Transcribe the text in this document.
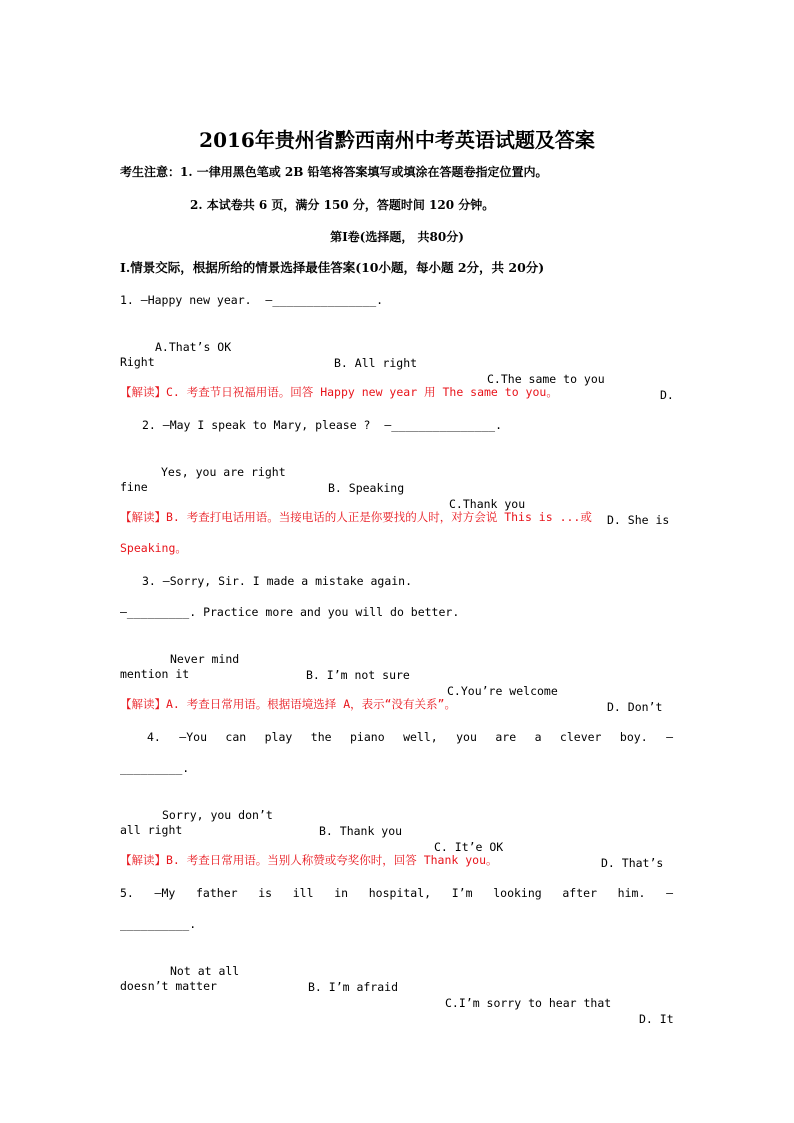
2016年贵州省黔西南州中考英语试题及答案
考生注意：1. 一律用黑色笔或 2B 铅笔将答案填写或填涂在答题卷指定位置内。
2. 本试卷共 6 页，满分 150 分，答题时间 120 分钟。
第Ⅰ卷(选择题， 共80分)
Ⅰ.情景交际，根据所给的情景选择最佳答案(10小题，每小题 2分，共 20分)
1. —Happy new year.  —_______________.

A.That’s OK

B. All right

C.The same to you

D.

Right
【解读】C. 考查节日祝福用语。回答 Happy new year 用 The same to you。
2. —May I speak to Mary, please ?  —_______________.

Yes, you are right

B. Speaking

C.Thank you

D. She is

fine
【解读】B. 考查打电话用语。当接电话的人正是你要找的人时，对方会说 This is ...或
Speaking。
3. —Sorry, Sir. I made a mistake again.
—_________. Practice more and you will do better.

Never mind

B. I’m not sure

C.You’re welcome

D. Don’t

mention it
【解读】A. 考查日常用语。根据语境选择 A，表示“没有关系”。
4. —You can play the piano well, you are a clever boy. —
_________.

Sorry, you don’t

B. Thank you

C. It’e OK

D. That’s

all right
【解读】B. 考查日常用语。当别人称赞或夸奖你时，回答 Thank you。
5. —My father is ill in hospital, I’m looking after him. —
__________.

Not at all

B. I’m afraid

C.I’m sorry to hear that

D. It

doesn’t matter
